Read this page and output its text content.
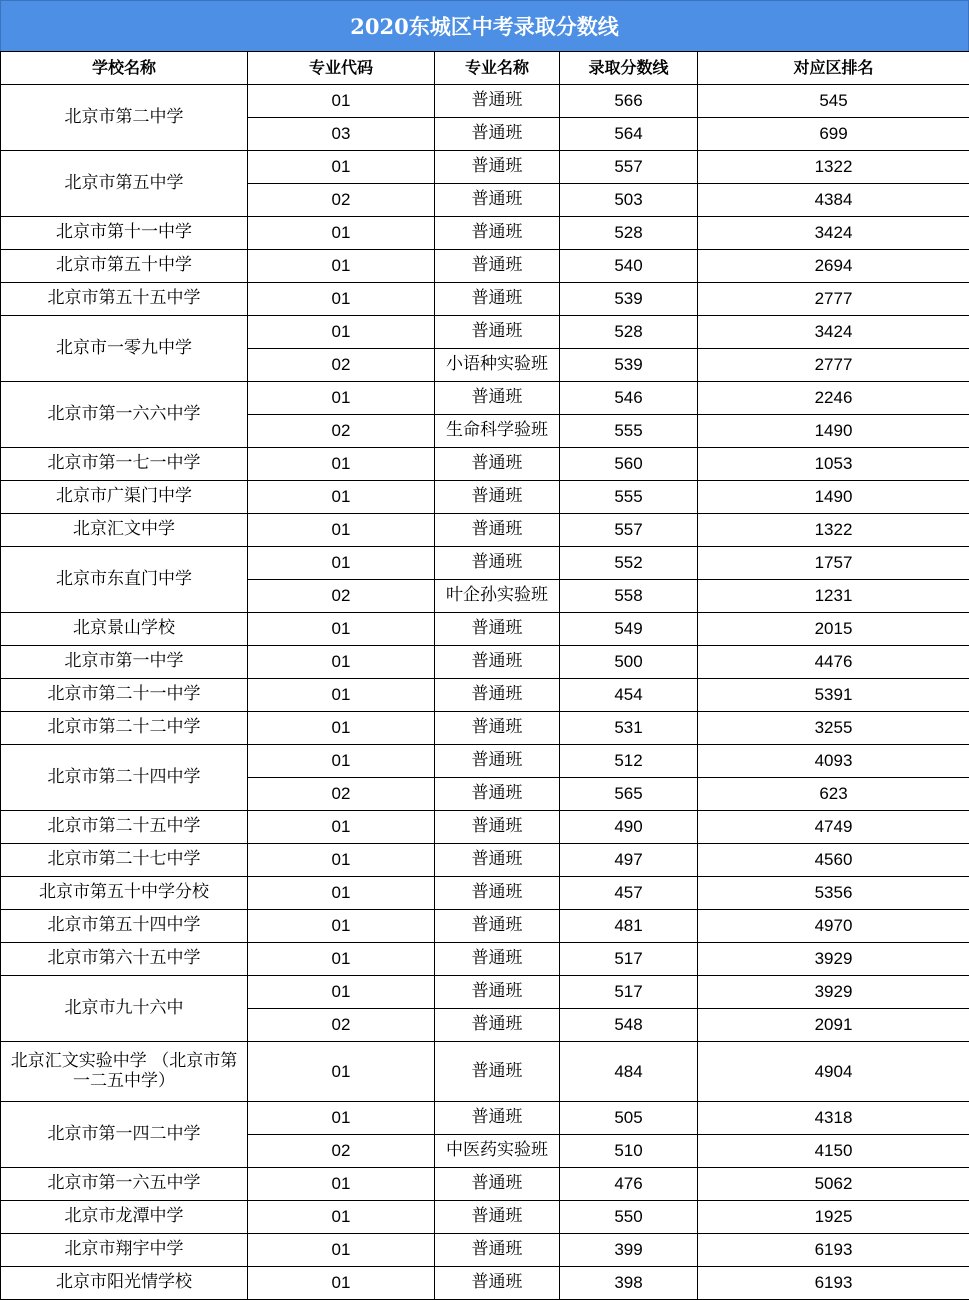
2020东城区中考录取分数线
学校名称	专业代码	专业名称	录取分数线	对应区排名
北京市第二中学	01	普通班	566	545
	03	普通班	564	699
北京市第五中学	01	普通班	557	1322
	02	普通班	503	4384
北京市第十一中学	01	普通班	528	3424
北京市第五十中学	01	普通班	540	2694
北京市第五十五中学	01	普通班	539	2777
北京市一零九中学	01	普通班	528	3424
	02	小语种实验班	539	2777
北京市第一六六中学	01	普通班	546	2246
	02	生命科学验班	555	1490
北京市第一七一中学	01	普通班	560	1053
北京市广渠门中学	01	普通班	555	1490
北京汇文中学	01	普通班	557	1322
北京市东直门中学	01	普通班	552	1757
	02	叶企孙实验班	558	1231
北京景山学校	01	普通班	549	2015
北京市第一中学	01	普通班	500	4476
北京市第二十一中学	01	普通班	454	5391
北京市第二十二中学	01	普通班	531	3255
北京市第二十四中学	01	普通班	512	4093
	02	普通班	565	623
北京市第二十五中学	01	普通班	490	4749
北京市第二十七中学	01	普通班	497	4560
北京市第五十中学分校	01	普通班	457	5356
北京市第五十四中学	01	普通班	481	4970
北京市第六十五中学	01	普通班	517	3929
北京市九十六中	01	普通班	517	3929
	02	普通班	548	2091
北京汇文实验中学 （北京市第一二五中学）	01	普通班	484	4904
北京市第一四二中学	01	普通班	505	4318
	02	中医药实验班	510	4150
北京市第一六五中学	01	普通班	476	5062
北京市龙潭中学	01	普通班	550	1925
北京市翔宇中学	01	普通班	399	6193
北京市阳光情学校	01	普通班	398	6193
